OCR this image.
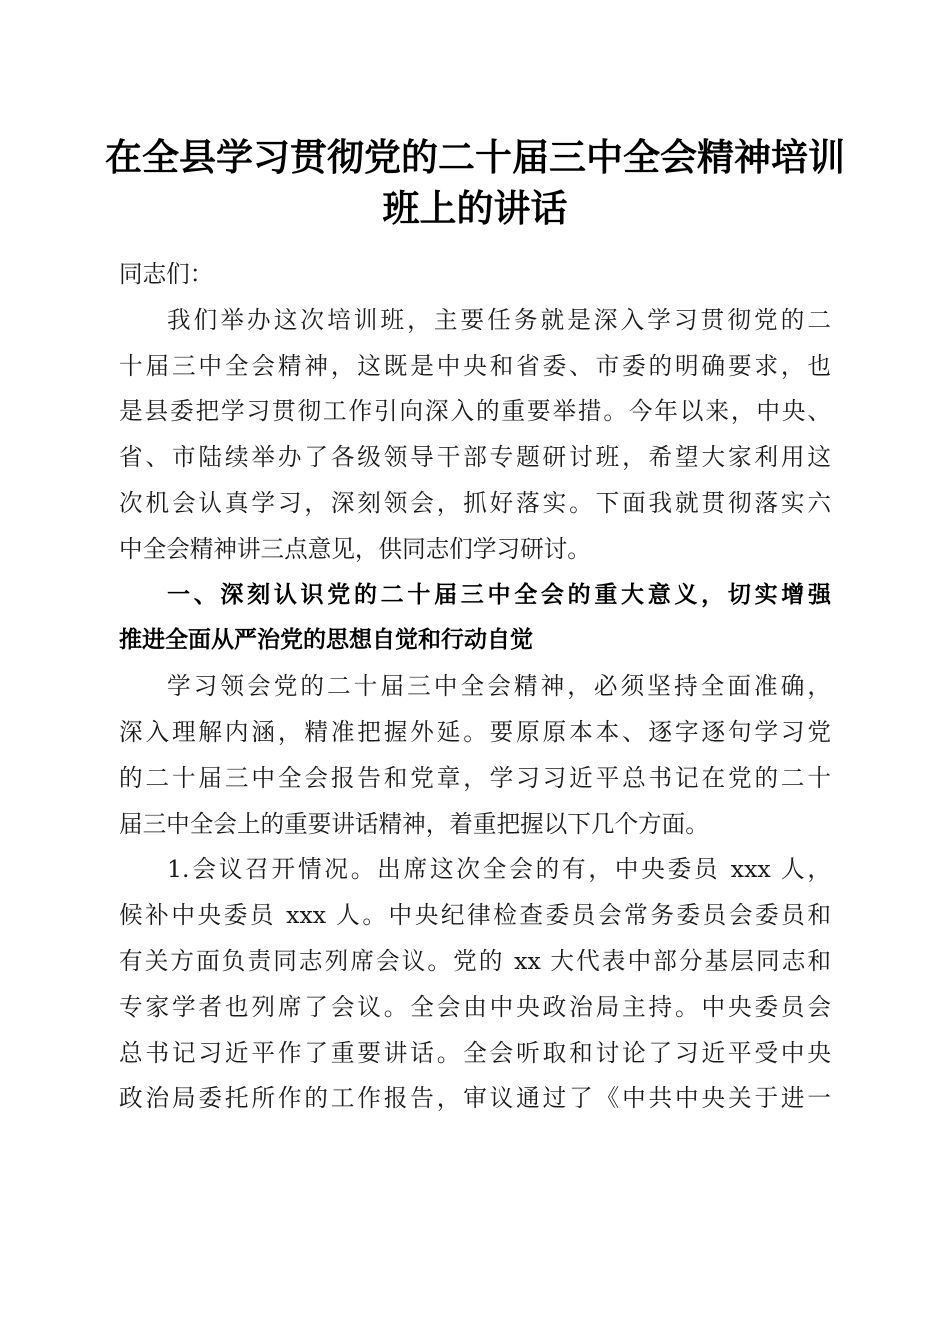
在全县学习贯彻党的二十届三中全会精神培训
班上的讲话
同志们：
我们举办这次培训班，主要任务就是深入学习贯彻党的二
十届三中全会精神，这既是中央和省委、市委的明确要求，也
是县委把学习贯彻工作引向深入的重要举措。今年以来，中央、
省、市陆续举办了各级领导干部专题研讨班，希望大家利用这
次机会认真学习，深刻领会，抓好落实。下面我就贯彻落实六
中全会精神讲三点意见，供同志们学习研讨。
一、深刻认识党的二十届三中全会的重大意义，切实增强
推进全面从严治党的思想自觉和行动自觉
学习领会党的二十届三中全会精神，必须坚持全面准确，
深入理解内涵，精准把握外延。要原原本本、逐字逐句学习党
的二十届三中全会报告和党章，学习习近平总书记在党的二十
届三中全会上的重要讲话精神，着重把握以下几个方面。
1.会议召开情况。出席这次全会的有，中央委员 xxx 人，
候补中央委员 xxx 人。中央纪律检查委员会常务委员会委员和
有关方面负责同志列席会议。党的 xx 大代表中部分基层同志和
专家学者也列席了会议。全会由中央政治局主持。中央委员会
总书记习近平作了重要讲话。全会听取和讨论了习近平受中央
政治局委托所作的工作报告，审议通过了《中共中央关于进一
